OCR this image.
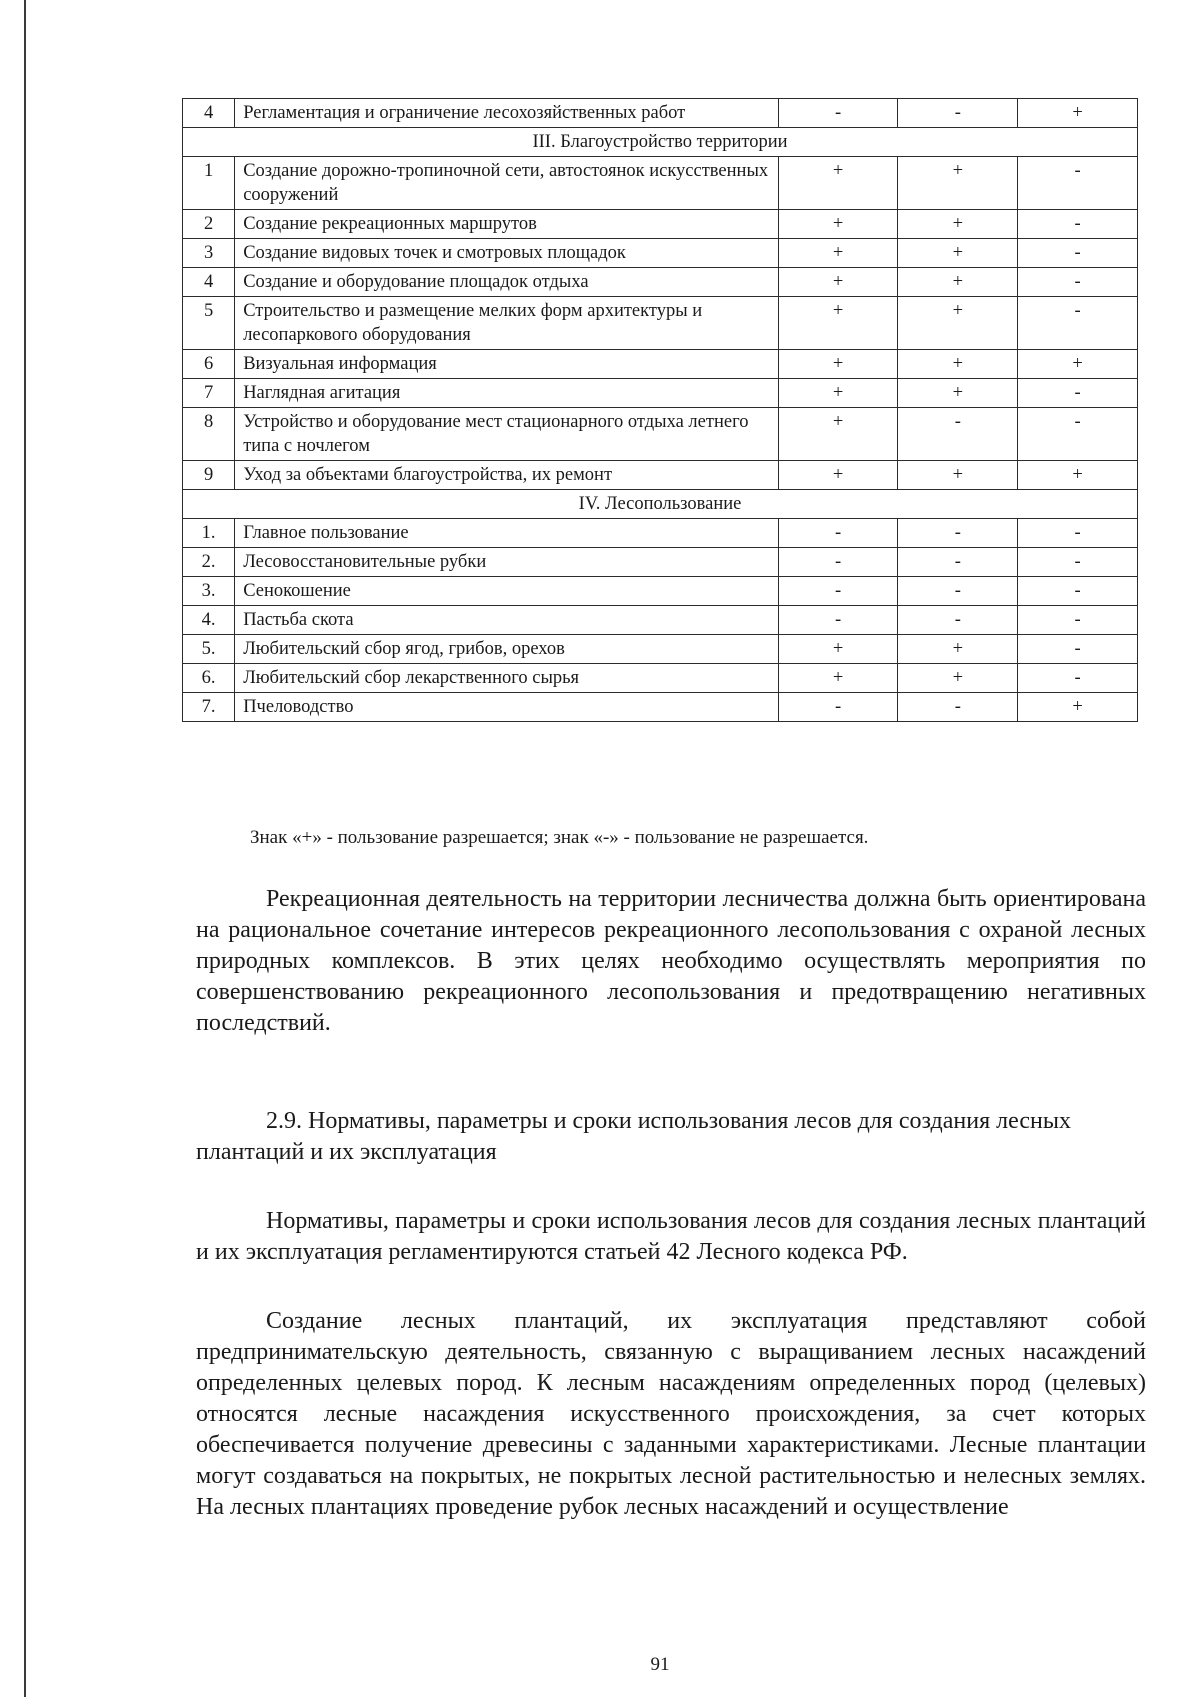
4	Регламентация и ограничение лесохозяйственных работ	-	-	+
III. Благоустройство территории				
1	Создание дорожно-тропиночной сети, автостоянок искусственных сооружений	+	+	-
2	Создание рекреационных маршрутов	+	+	-
3	Создание видовых точек и смотровых площадок	+	+	-
4	Создание и оборудование площадок отдыха	+	+	-
5	Строительство и размещение мелких форм архитектуры и лесопаркового оборудования	+	+	-
6	Визуальная информация	+	+	+
7	Наглядная агитация	+	+	-
8	Устройство и оборудование мест стационарного отдыха летнего типа с ночлегом	+	-	-
9	Уход за объектами благоустройства, их ремонт	+	+	+
IV. Лесопользование				
1.	Главное пользование	-	-	-
2.	Лесовосстановительные рубки	-	-	-
3.	Сенокошение	-	-	-
4.	Пастьба скота	-	-	-
5.	Любительский сбор ягод, грибов, орехов	+	+	-
6.	Любительский сбор лекарственного сырья	+	+	-
7.	Пчеловодство	-	-	+
Знак «+» - пользование разрешается; знак «-» - пользование не разрешается.

Рекреационная деятельность на территории лесничества должна быть ориентирована на рациональное сочетание интересов рекреационного лесопользования с охраной лесных природных комплексов. В этих целях необходимо осуществлять мероприятия по совершенствованию рекреационного лесопользования и предотвращению негативных последствий.

2.9. Нормативы, параметры и сроки использования лесов для создания лесных плантаций и их эксплуатация

Нормативы, параметры и сроки использования лесов для создания лесных плантаций и их эксплуатация регламентируются статьей 42 Лесного кодекса РФ.

Создание лесных плантаций, их эксплуатация представляют собой предпринимательскую деятельность, связанную с выращиванием лесных насаждений определенных целевых пород. К лесным насаждениям определенных пород (целевых) относятся лесные насаждения искусственного происхождения, за счет которых обеспечивается получение древесины с заданными характеристиками. Лесные плантации могут создаваться на покрытых, не покрытых лесной растительностью и нелесных землях. На лесных плантациях проведение рубок лесных насаждений и осуществление

91
